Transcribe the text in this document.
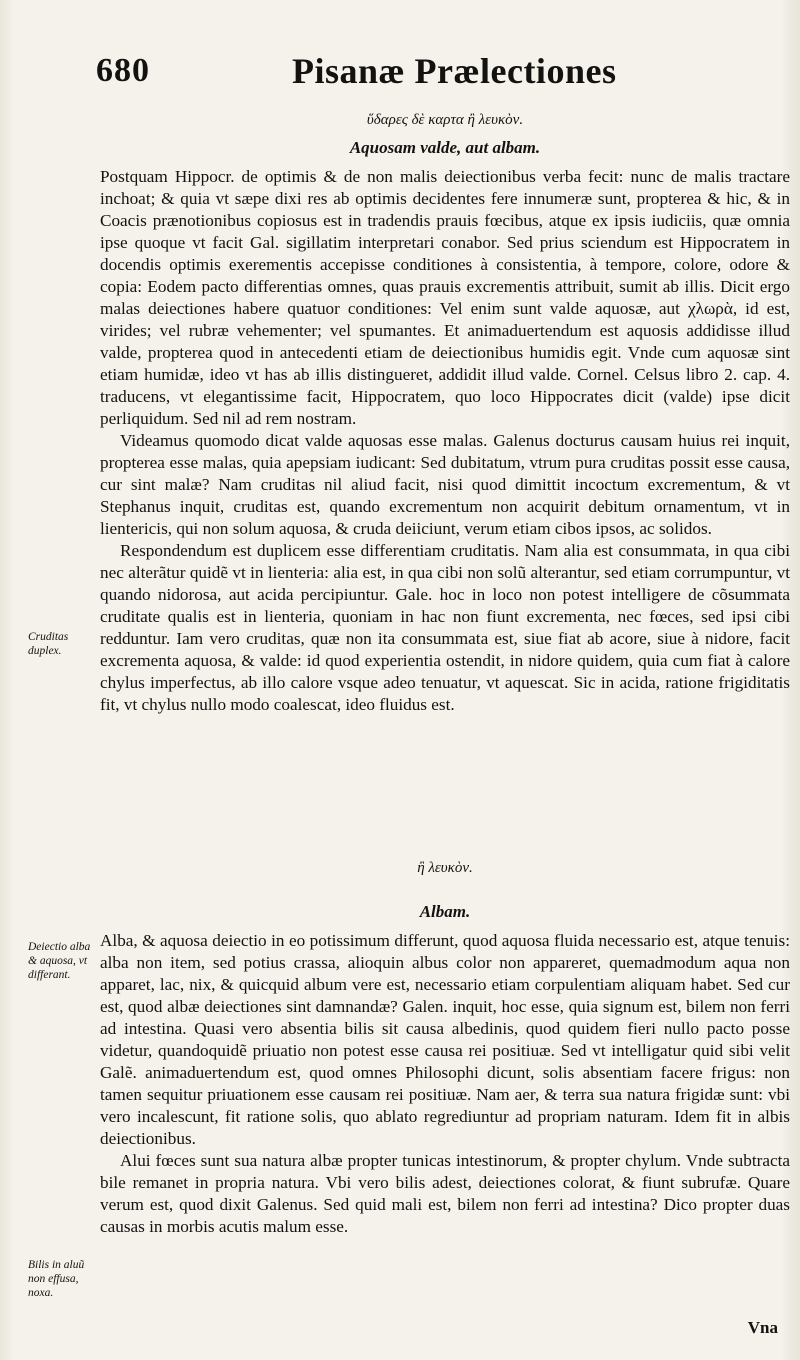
680	Pisanæ Prælectiones
ὕδαρες δὲ καρτα ἢ λευκὸν.
Aquosam valde, aut albam.

Postquam Hippocr. de optimis & de non malis deiectionibus verba fecit: nunc de malis tractare inchoat; & quia vt sæpe dixi res ab optimis decidentes fere innumeræ sunt, propterea & hic, & in Coacis prænotionibus copiosus est in tradendis prauis fœcibus, atque ex ipsis iudiciis, quæ omnia ipse quoque vt facit Gal. sigillatim interpretari conabor. Sed prius sciendum est Hippocratem in docendis optimis exerementis accepisse conditiones à consistentia, à tempore, colore, odore & copia: Eodem pacto differentias omnes, quas prauis excrementis attribuit, sumit ab illis. Dicit ergo malas deiectiones habere quatuor conditiones: Vel enim sunt valde aquosæ, aut χλωρὰ, id est, virides; vel rubræ vehementer; vel spumantes. Et animaduertendum est aquosis addidisse illud valde, propterea quod in antecedenti etiam de deiectionibus humidis egit. Vnde cum aquosæ sint etiam humidæ, ideo vt has ab illis distingueret, addidit illud valde. Cornel. Celsus libro 2. cap. 4. traducens, vt elegantissime facit, Hippocratem, quo loco Hippocrates dicit (valde) ipse dicit perliquidum. Sed nil ad rem nostram.

Videamus quomodo dicat valde aquosas esse malas. Galenus docturus causam huius rei inquit, propterea esse malas, quia apepsiam iudicant: Sed dubitatum, vtrum pura cruditas possit esse causa, cur sint malæ? Nam cruditas nil aliud facit, nisi quod dimittit incoctum excrementum, & vt Stephanus inquit, cruditas est, quando excrementum non acquirit debitum ornamentum, vt in lientericis, qui non solum aquosa, & cruda deiiciunt, verum etiam cibos ipsos, ac solidos.

Respondendum est duplicem esse differentiam cruditatis. Nam alia est consummata, in qua cibi nec alterãtur quidẽ vt in lienteria: alia est, in qua cibi non solũ alterantur, sed etiam corrumpuntur, vt quando nidorosa, aut acida percipiuntur. Gale. hoc in loco non potest intelligere de cõsummata cruditate qualis est in lienteria, quoniam in hac non fiunt excrementa, nec fœces, sed ipsi cibi redduntur. Iam vero cruditas, quæ non ita consummata est, siue fiat ab acore, siue à nidore, facit excrementa aquosa, & valde: id quod experientia ostendit, in nidore quidem, quia cum fiat à calore chylus imperfectus, ab illo calore vsque adeo tenuatur, vt aquescat. Sic in acida, ratione frigiditatis fit, vt chylus nullo modo coalescat, ideo fluidus est.

Cruditas duplex.
ἢ λευκὸν.
Albam.

Alba, & aquosa deiectio in eo potissimum differunt, quod aquosa fluida necessario est, atque tenuis: alba non item, sed potius crassa, alioquin albus color non appareret, quemadmodum aqua non apparet, lac, nix, & quicquid album vere est, necessario etiam corpulentiam aliquam habet. Sed cur est, quod albæ deiectiones sint damnandæ? Galen. inquit, hoc esse, quia signum est, bilem non ferri ad intestina. Quasi vero absentia bilis sit causa albedinis, quod quidem fieri nullo pacto posse videtur, quandoquidẽ priuatio non potest esse causa rei positiuæ. Sed vt intelligatur quid sibi velit Galẽ. animaduertendum est, quod omnes Philosophi dicunt, solis absentiam facere frigus: non tamen sequitur priuationem esse causam rei positiuæ. Nam aer, & terra sua natura frigidæ sunt: vbi vero incalescunt, fit ratione solis, quo ablato regrediuntur ad propriam naturam. Idem fit in albis deiectionibus.

Alui fœces sunt sua natura albæ propter tunicas intestinorum, & propter chylum. Vnde subtracta bile remanet in propria natura. Vbi vero bilis adest, deiectiones colorat, & fiunt subrufæ. Quare verum est, quod dixit Galenus. Sed quid mali est, bilem non ferri ad intestina? Dico propter duas causas in morbis acutis malum esse.

Deiectio alba & aquosa, vt differant.
Bilis in aluũ non effusa, noxa.
Vna
